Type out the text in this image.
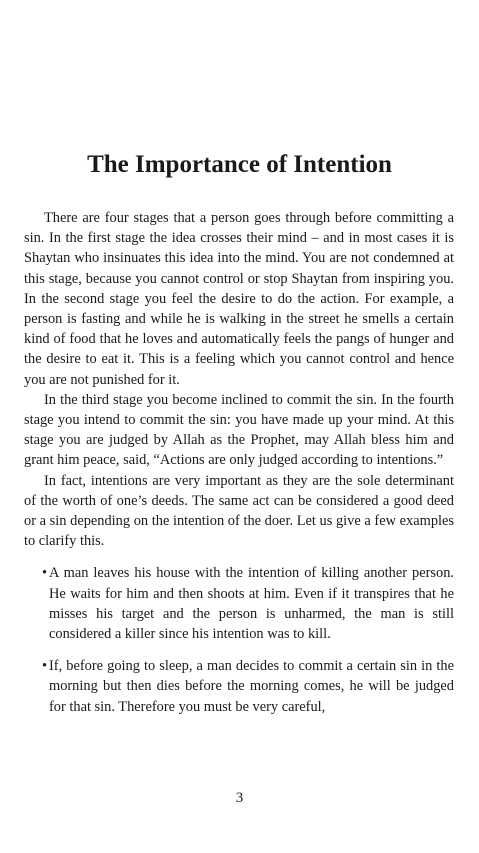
The Importance of Intention

There are four stages that a person goes through before committing a sin. In the first stage the idea crosses their mind – and in most cases it is Shaytan who insinuates this idea into the mind. You are not condemned at this stage, because you cannot control or stop Shaytan from inspiring you. In the second stage you feel the desire to do the action. For example, a person is fasting and while he is walking in the street he smells a certain kind of food that he loves and automatically feels the pangs of hunger and the desire to eat it. This is a feeling which you cannot control and hence you are not punished for it.

In the third stage you become inclined to commit the sin. In the fourth stage you intend to commit the sin: you have made up your mind. At this stage you are judged by Allah as the Prophet, may Allah bless him and grant him peace, said, “Actions are only judged according to intentions.”

In fact, intentions are very important as they are the sole determinant of the worth of one’s deeds. The same act can be considered a good deed or a sin depending on the intention of the doer. Let us give a few examples to clarify this.

• A man leaves his house with the intention of killing another person. He waits for him and then shoots at him. Even if it transpires that he misses his target and the person is unharmed, the man is still considered a killer since his intention was to kill.
• If, before going to sleep, a man decides to commit a certain sin in the morning but then dies before the morning comes, he will be judged for that sin. Therefore you must be very careful,
3
